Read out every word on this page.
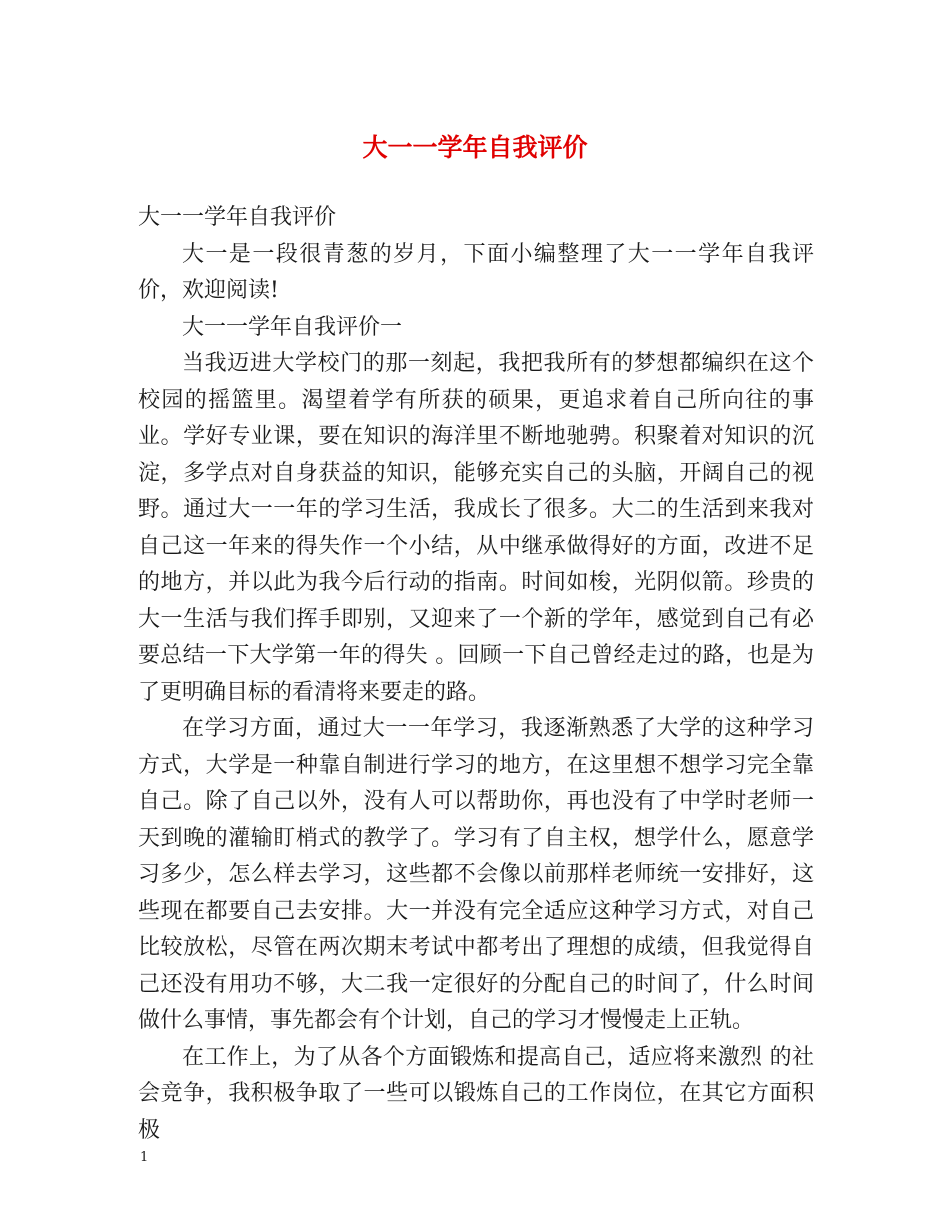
大一一学年自我评价

大一一学年自我评价

大一是一段很青葱的岁月，下面小编整理了大一一学年自我评价，欢迎阅读!

大一一学年自我评价一

当我迈进大学校门的那一刻起，我把我所有的梦想都编织在这个校园的摇篮里。渴望着学有所获的硕果，更追求着自己所向往的事业。学好专业课，要在知识的海洋里不断地驰骋。积聚着对知识的沉淀，多学点对自身获益的知识，能够充实自己的头脑，开阔自己的视野。通过大一一年的学习生活，我成长了很多。大二的生活到来我对自己这一年来的得失作一个小结，从中继承做得好的方面，改进不足的地方，并以此为我今后行动的指南。时间如梭，光阴似箭。珍贵的大一生活与我们挥手即别，又迎来了一个新的学年，感觉到自己有必要总结一下大学第一年的得失 。回顾一下自己曾经走过的路，也是为了更明确目标的看清将来要走的路。

在学习方面，通过大一一年学习，我逐渐熟悉了大学的这种学习方式，大学是一种靠自制进行学习的地方，在这里想不想学习完全靠自己。除了自己以外，没有人可以帮助你，再也没有了中学时老师一天到晚的灌输盯梢式的教学了。学习有了自主权，想学什么，愿意学习多少，怎么样去学习，这些都不会像以前那样老师统一安排好，这些现在都要自己去安排。大一并没有完全适应这种学习方式，对自己比较放松，尽管在两次期末考试中都考出了理想的成绩，但我觉得自己还没有用功不够，大二我一定很好的分配自己的时间了，什么时间做什么事情，事先都会有个计划，自己的学习才慢慢走上正轨。

在工作上，为了从各个方面锻炼和提高自己，适应将来激烈 的社会竞争，我积极争取了一些可以锻炼自己的工作岗位，在其它方面积极

1
